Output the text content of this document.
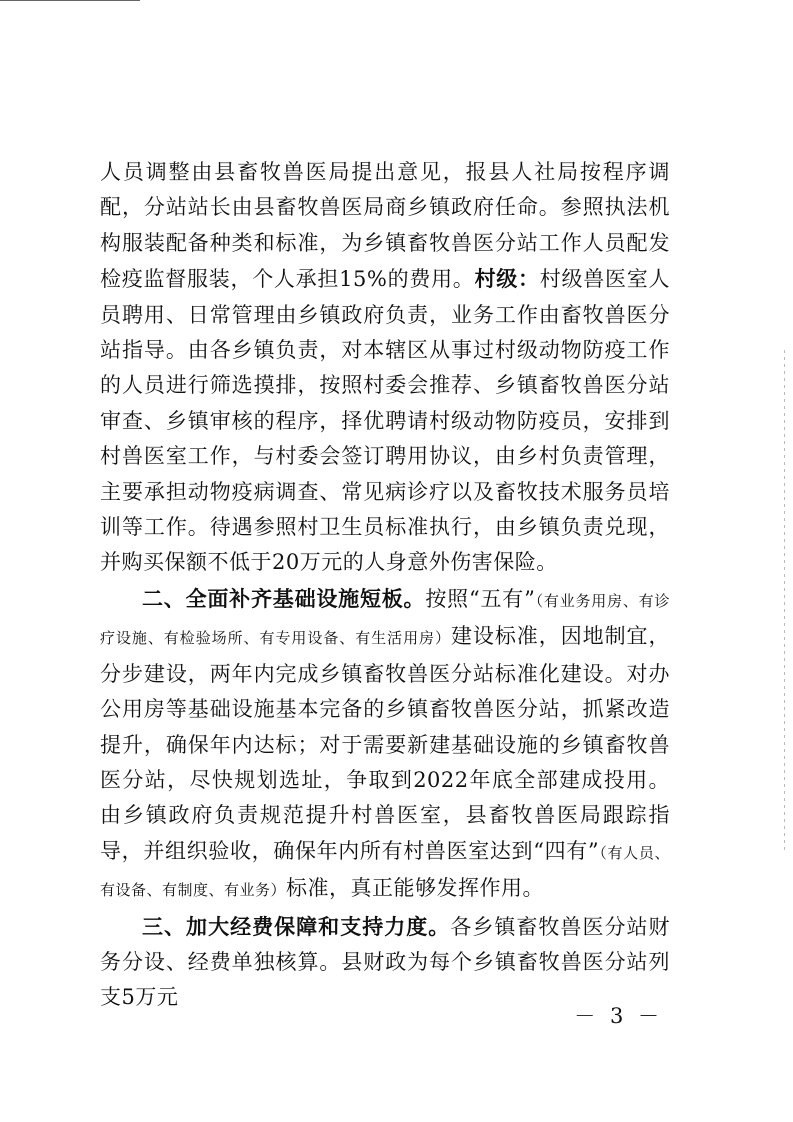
人员调整由县畜牧兽医局提出意见，报县人社局按程序调配，分站站长由县畜牧兽医局商乡镇政府任命。参照执法机构服装配备种类和标准，为乡镇畜牧兽医分站工作人员配发检疫监督服装，个人承担15%的费用。村级：村级兽医室人员聘用、日常管理由乡镇政府负责，业务工作由畜牧兽医分站指导。由各乡镇负责，对本辖区从事过村级动物防疫工作的人员进行筛选摸排，按照村委会推荐、乡镇畜牧兽医分站审查、乡镇审核的程序，择优聘请村级动物防疫员，安排到村兽医室工作，与村委会签订聘用协议，由乡村负责管理，主要承担动物疫病调查、常见病诊疗以及畜牧技术服务员培训等工作。待遇参照村卫生员标准执行，由乡镇负责兑现，并购买保额不低于20万元的人身意外伤害保险。

二、全面补齐基础设施短板。按照“五有”（有业务用房、有诊疗设施、有检验场所、有专用设备、有生活用房）建设标准，因地制宜，分步建设，两年内完成乡镇畜牧兽医分站标准化建设。对办公用房等基础设施基本完备的乡镇畜牧兽医分站，抓紧改造提升，确保年内达标；对于需要新建基础设施的乡镇畜牧兽医分站，尽快规划选址，争取到2022年底全部建成投用。由乡镇政府负责规范提升村兽医室，县畜牧兽医局跟踪指导，并组织验收，确保年内所有村兽医室达到“四有”（有人员、有设备、有制度、有业务）标准，真正能够发挥作用。

三、加大经费保障和支持力度。各乡镇畜牧兽医分站财务分设、经费单独核算。县财政为每个乡镇畜牧兽医分站列支5万元

－ 3 －
